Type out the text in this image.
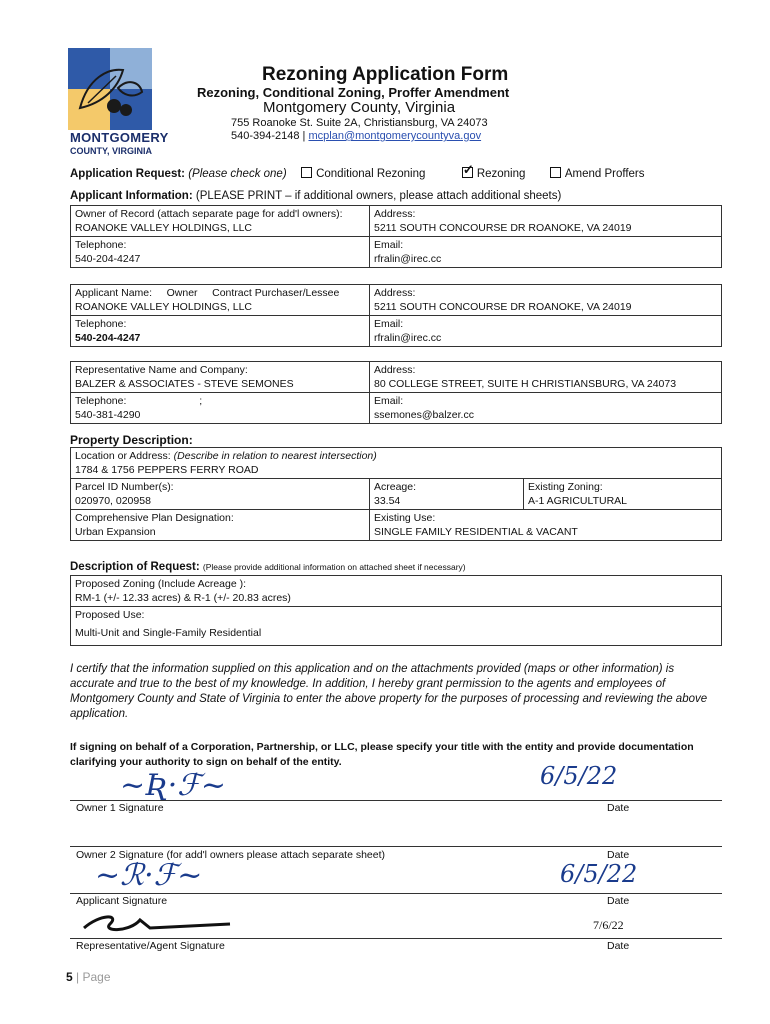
MONTGOMERY
COUNTY, VIRGINIA
Rezoning Application Form
Rezoning, Conditional Zoning, Proffer Amendment
Montgomery County, Virginia
755 Roanoke St. Suite 2A, Christiansburg, VA 24073
540-394-2148 | mcplan@montgomerycountyva.gov
Application Request: (Please check one)	Conditional Rezoning	✓ Rezoning	Amend Proffers
Applicant Information: (PLEASE PRINT – if additional owners, please attach additional sheets)
Owner of Record (attach separate page for add'l owners):
ROANOKE VALLEY HOLDINGS, LLC	Address:
5211 SOUTH CONCOURSE DR ROANOKE, VA 24019

Telephone:
540-204-4247	Email:
rfralin@irec.cc
Applicant Name:     Owner     Contract Purchaser/Lessee
ROANOKE VALLEY HOLDINGS, LLC	Address:
5211 SOUTH CONCOURSE DR ROANOKE, VA 24019

Telephone:
540-204-4247	Email:
rfralin@irec.cc
Representative Name and Company:
BALZER & ASSOCIATES - STEVE SEMONES	Address:
80 COLLEGE STREET, SUITE H CHRISTIANSBURG, VA 24073

Telephone:                         ;
540-381-4290	Email:
ssemones@balzer.cc
Property Description:
Location or Address: (Describe in relation to nearest intersection)
1784 & 1756 PEPPERS FERRY ROAD		

Parcel ID Number(s):
020970, 020958	Acreage:
33.54	Existing Zoning:
A-1 AGRICULTURAL

Comprehensive Plan Designation:
Urban Expansion	Existing Use:
SINGLE FAMILY RESIDENTIAL & VACANT	
Description of Request: (Please provide additional information on attached sheet if necessary)
Proposed Zoning (Include Acreage ):
RM-1 (+/- 12.33 acres) & R-1 (+/- 20.83 acres)

Proposed Use:
Multi-Unit and Single-Family Residential
I certify that the information supplied on this application and on the attachments provided (maps or other information) is accurate and true to the best of my knowledge. In addition, I hereby grant permission to the agents and employees of Montgomery County and State of Virginia to enter the above property for the purposes of processing and reviewing the above application.
If signing on behalf of a Corporation, Partnership, or LLC, please specify your title with the entity and provide documentation clarifying your authority to sign on behalf of the entity.
~Ʀ·ℱ~	6/5/22
Owner 1 Signature	Date
Owner 2 Signature (for add'l owners please attach separate sheet)	Date
~ℛ·ℱ~	6/5/22
Applicant Signature	Date
7/6/22
Representative/Agent Signature	Date
5 | Page
